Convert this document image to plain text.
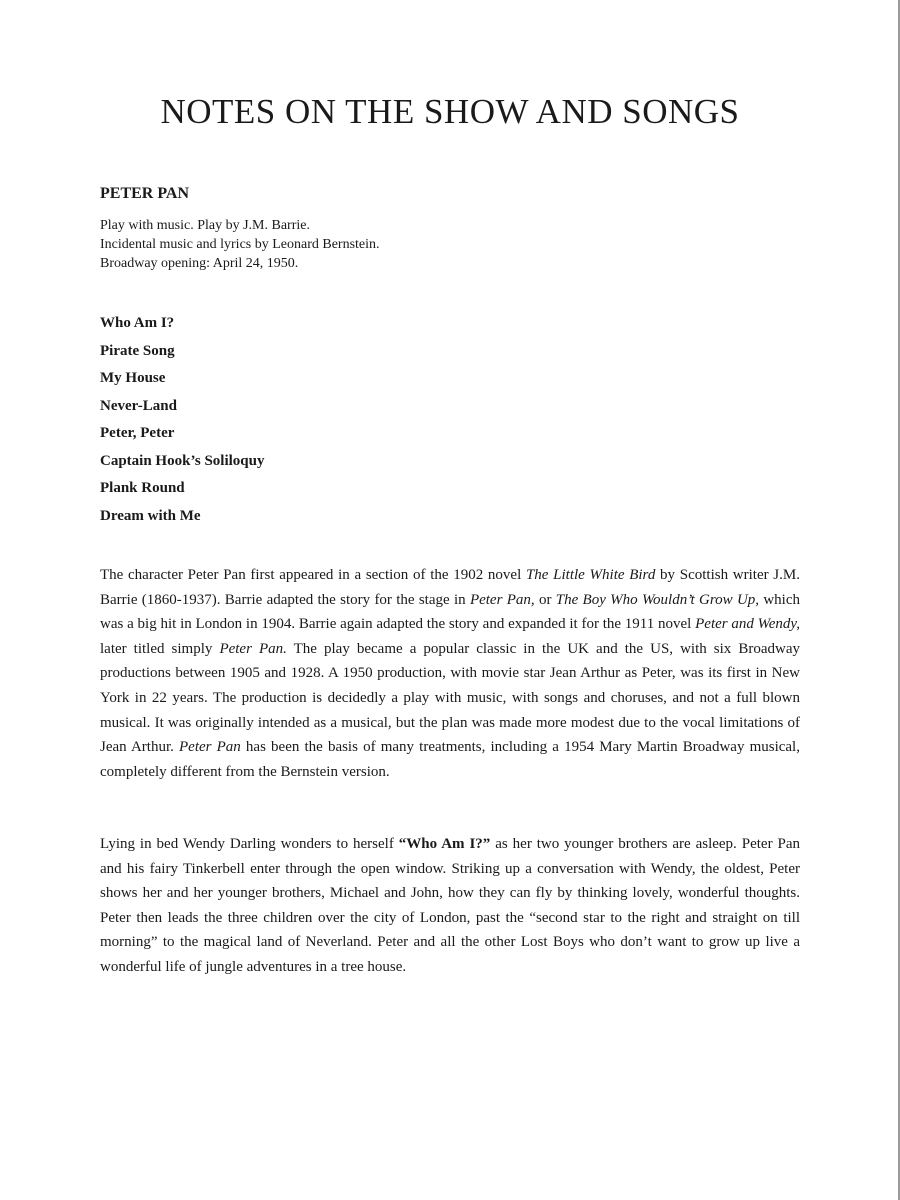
NOTES ON THE SHOW AND SONGS
PETER PAN
Play with music. Play by J.M. Barrie.
Incidental music and lyrics by Leonard Bernstein.
Broadway opening: April 24, 1950.
Who Am I?
Pirate Song
My House
Never-Land
Peter, Peter
Captain Hook’s Soliloquy
Plank Round
Dream with Me

The character Peter Pan first appeared in a section of the 1902 novel The Little White Bird by Scottish writer J.M. Barrie (1860-1937). Barrie adapted the story for the stage in Peter Pan, or The Boy Who Wouldn’t Grow Up, which was a big hit in London in 1904. Barrie again adapted the story and expanded it for the 1911 novel Peter and Wendy, later titled simply Peter Pan. The play became a popular classic in the UK and the US, with six Broadway productions between 1905 and 1928. A 1950 production, with movie star Jean Arthur as Peter, was its first in New York in 22 years. The production is decidedly a play with music, with songs and choruses, and not a full blown musical. It was originally intended as a musical, but the plan was made more modest due to the vocal limitations of Jean Arthur. Peter Pan has been the basis of many treatments, including a 1954 Mary Martin Broadway musical, completely different from the Bernstein version.

Lying in bed Wendy Darling wonders to herself “Who Am I?” as her two younger brothers are asleep. Peter Pan and his fairy Tinkerbell enter through the open window. Striking up a conversation with Wendy, the oldest, Peter shows her and her younger brothers, Michael and John, how they can fly by thinking lovely, wonderful thoughts. Peter then leads the three children over the city of London, past the “second star to the right and straight on till morning” to the magical land of Neverland. Peter and all the other Lost Boys who don’t want to grow up live a wonderful life of jungle adventures in a tree house.
